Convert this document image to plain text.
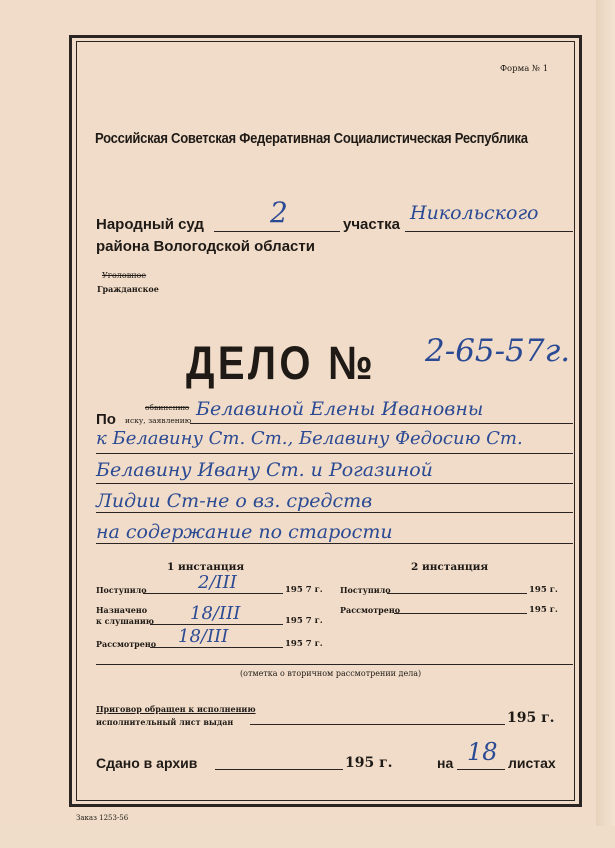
Форма № 1
Российская Советская Федеративная Социалистическая Республика
Народный суд 2	участка
Никольского
района Вологодской области
Уголовное
Гражданское
ДЕЛО № 2-65-57г.
По
обвинению
иску, заявлению
Белавиной Елены Ивановны
к Белавину Ст. Ст., Белавину Федосию Ст.
Белавину Ивану Ст. и Рогазиной
Лидии Ст-не о вз. средств
на содержание по старости
1 инстанция	2 инстанция
Поступило	2/III	195 7 г.
Назначено
к слушанию 18/III	195 7 г.
Рассмотрено 18/III	195 7 г.
Поступило	195 г.
Рассмотрено	195 г.
(отметка о вторичном рассмотрении дела)
Приговор обращен к исполнению
исполнительный лист выдан	195 г.
Сдано в архив	195 г.	на 18 листах
Заказ 1253-56
